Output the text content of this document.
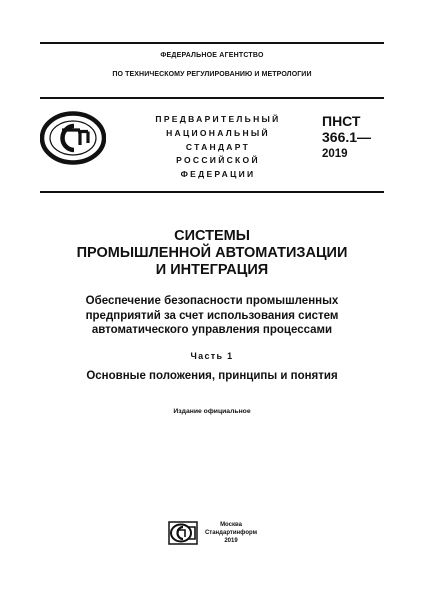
ФЕДЕРАЛЬНОЕ АГЕНТСТВО
ПО ТЕХНИЧЕСКОМУ РЕГУЛИРОВАНИЮ И МЕТРОЛОГИИ
ПРЕДВАРИТЕЛЬНЫЙ
НАЦИОНАЛЬНЫЙ
СТАНДАРТ
РОССИЙСКОЙ
ФЕДЕРАЦИИ
ПНСТ
366.1—
2019
СИСТЕМЫ
ПРОМЫШЛЕННОЙ АВТОМАТИЗАЦИИ
И ИНТЕГРАЦИЯ
Обеспечение безопасности промышленных
предприятий за счет использования систем
автоматического управления процессами
Часть 1
Основные положения, принципы и понятия
Издание официальное
Москва
Стандартинформ
2019
